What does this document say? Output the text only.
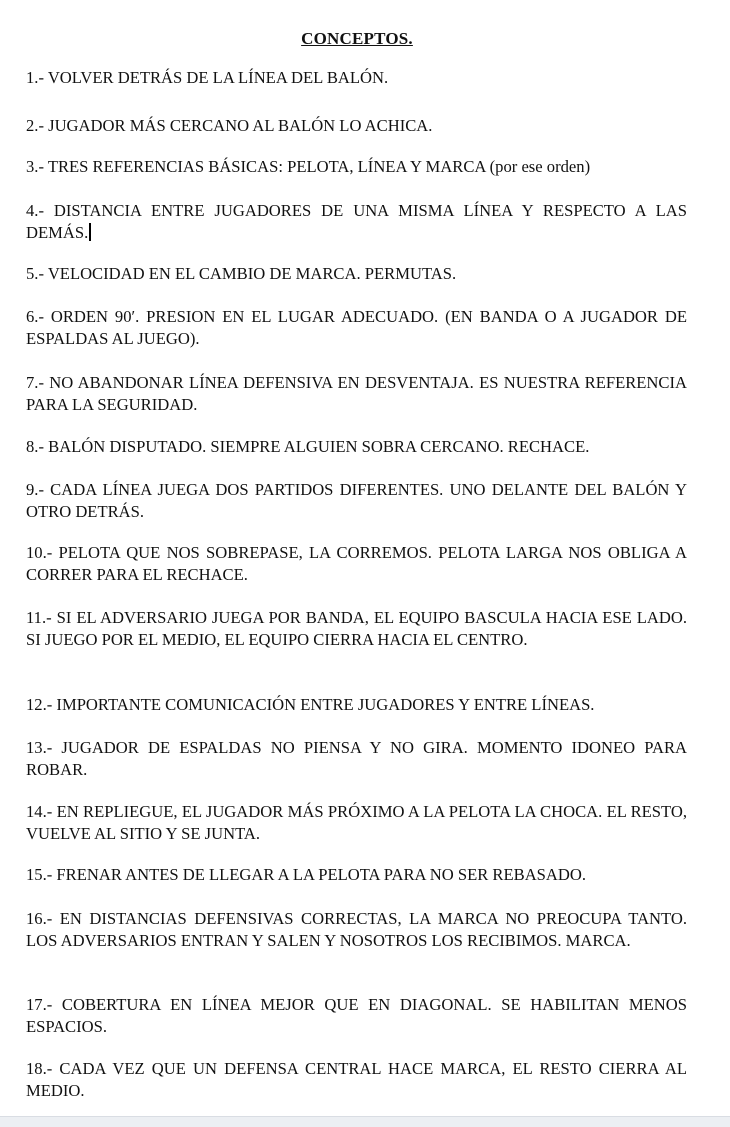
CONCEPTOS.
1.- VOLVER DETRÁS DE LA LÍNEA DEL BALÓN.
2.- JUGADOR MÁS CERCANO AL BALÓN LO ACHICA.
3.- TRES REFERENCIAS BÁSICAS: PELOTA, LÍNEA Y MARCA (por ese orden)
4.- DISTANCIA ENTRE JUGADORES DE UNA MISMA LÍNEA Y RESPECTO A LAS DEMÁS.
5.- VELOCIDAD EN EL CAMBIO DE MARCA. PERMUTAS.
6.- ORDEN 90′. PRESION EN EL LUGAR ADECUADO. (EN BANDA O A JUGADOR DE ESPALDAS AL JUEGO).
7.- NO ABANDONAR LÍNEA DEFENSIVA EN DESVENTAJA. ES NUESTRA REFERENCIA PARA LA SEGURIDAD.
8.- BALÓN DISPUTADO. SIEMPRE ALGUIEN SOBRA CERCANO. RECHACE.
9.- CADA LÍNEA JUEGA DOS PARTIDOS DIFERENTES. UNO DELANTE DEL BALÓN Y OTRO DETRÁS.
10.- PELOTA QUE NOS SOBREPASE, LA CORREMOS. PELOTA LARGA NOS OBLIGA A CORRER PARA EL RECHACE.
11.- SI EL ADVERSARIO JUEGA POR BANDA, EL EQUIPO BASCULA HACIA ESE LADO. SI JUEGO POR EL MEDIO, EL EQUIPO CIERRA HACIA EL CENTRO.
12.- IMPORTANTE COMUNICACIÓN ENTRE JUGADORES Y ENTRE LÍNEAS.
13.- JUGADOR DE ESPALDAS NO PIENSA Y NO GIRA. MOMENTO IDONEO PARA ROBAR.
14.- EN REPLIEGUE, EL JUGADOR MÁS PRÓXIMO A LA PELOTA LA CHOCA. EL RESTO, VUELVE AL SITIO Y SE JUNTA.
15.- FRENAR ANTES DE LLEGAR A LA PELOTA PARA NO SER REBASADO.
16.- EN DISTANCIAS DEFENSIVAS CORRECTAS, LA MARCA NO PREOCUPA TANTO. LOS ADVERSARIOS ENTRAN Y SALEN Y NOSOTROS LOS RECIBIMOS. MARCA.
17.- COBERTURA EN LÍNEA MEJOR QUE EN DIAGONAL. SE HABILITAN MENOS ESPACIOS.
18.- CADA VEZ QUE UN DEFENSA CENTRAL HACE MARCA, EL RESTO CIERRA AL MEDIO.
